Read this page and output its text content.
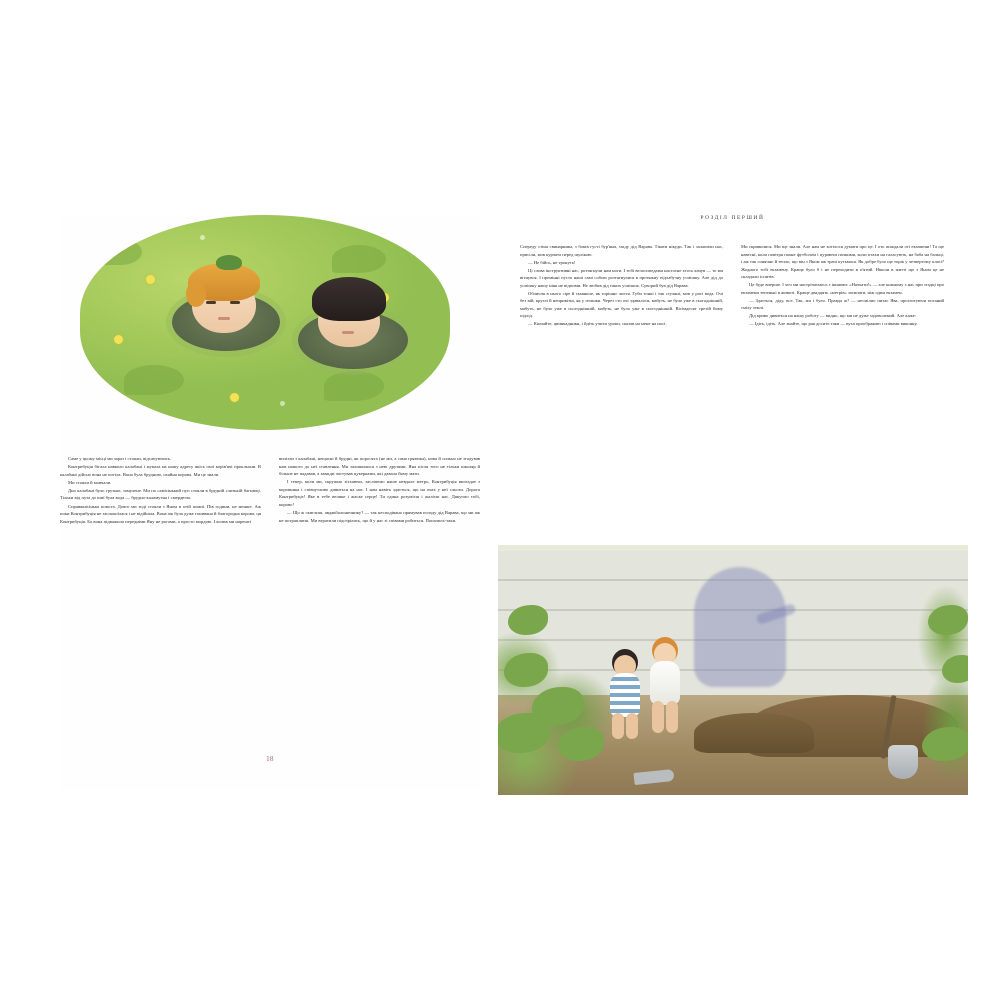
Саме у цьому місці ми зараз і стояли, відсапуючись.

Контрибуція бігала навколо калабані і мукала на нашу адресу якісь свої корів'ячі прокльони. В калабані дійсно вона не потіла. Вона була брудною, охайна корова. Ми це знали.

Ми стояли й мовчали.

Дно калабані було грузьке, замулене. Ми по самісінький пуп стояли в брудній слизькій багнюці. Тільки від пуза до шиї була вода — брудно-каламутна і смердюча.

Справжнісінька помста. Довго ми тоді стояли з Яном в отій помиї. Пів години, не менше. Аж поки Контрибуція не заспокоїлася і не відійшла. Вона аж була дуже гонивана й благородна корова, ця Контрибуція. Бо вона підважила передніми Яну не рогами, а просто мордою. І колив ми нарешті

вилізли з калабані, нещасні й брудні, як поросята (не ми, а сама грязюка), нова й сильно не згадував нам нашого до неї ставлення. Ми залишилися з нею друзями. Яна після того не тільки школяр й більше не падавав, а завжди частував цукерками, які давала йому мати.

І тепер, коли ми, скрушно зітхаючи, засліпемо наше невдале метро, Контрибуція вигладае з коровника і співчутливо дивиться на нас. І нам навіть здається, що на очах у неї сльози. Дорога Контрибуціє! Яке в тебе велике і жаске серце! Ти єдина розумієш і жалієш нас. Дякуємо тобі, корово!

— Що ж скиглиш, авдакбалоничнику? — так несподівано прямував позаду дід Варава, що ми аж не потрапляєш. Ми втратили підозрілись, що й у нас зі співами робиться. Попались-таки.

18
РОЗДІЛ ПЕРШИЙ

Спереду стіна свинарника, з боків густі бур'яни, ззаду дід Варава. Тікати нікуди. Так і залапили нас, присіли, мов курчата перед шулікою.

— Не бійсь, не тронуть!

Ці слова інструктивні нас, розтягнули нам ноги. І тобі велосипедами настоєне хтось качув — то ми вітнувся. І промінні пусто наші самі собою розтягнулися в протяжну підлабузну усмішку. Але дід до усмішку нашу ніяк не відповів. Не любив дід таких усмішок. Суворий був дід Варава.

Обличчя в нього сіре й тьмяніле, як торішнє листя. Губи тонкі і так стуляні, мов у роті вода. Очі без вій, круглі й непривітні, як у пташки. Через сто очі здавалося, мабуть, не було уже в сьогоднішній, мабуть, не було уже в сьогоднішній, мабуть, не було уже в сьогоднішній. Вісімдесят третій йому підхід.

— Кінчайте, цвинкадники, і йдіть учити уроки, сказав на мене на носі.

Ми скривилися. Ми ще знали. Але нам не хотілося думати про це. І ото пиждали оті екзамени! Та ще навесні, коли повітря пахне футболом і цураючи палкими, коли птахи на галасують, на баба на бальці, і аж так сонячно й тепло, що він з Яном аж трачі кутьмася. Як добре було ще торік у четвертому класі? Жодного тобі екзамену. Краще було б і не переходити в п'ятий. Ніколи в житті ще з Яном це не складали іспитів.

Це буде вперше. І хоч ми настрічаємось з іншими: «Начхати!» — але кожному з нас при згадці про екзамени тепенькі в животі. Краще двадцять «метрів» засипати, ніж один екзамен.

— Здається, діду, все. Так, ми і було. Правда ж? — несмілио питає Ява, проглотуючи поганий сміху землі.

Дід криво дивиться на нашу роботу — видно, що ми не дуже задоволений. Але каже:

— Ідіть, ідіть. Але знайте, що рая досить таки — вуха проображаю і співами виконну.
